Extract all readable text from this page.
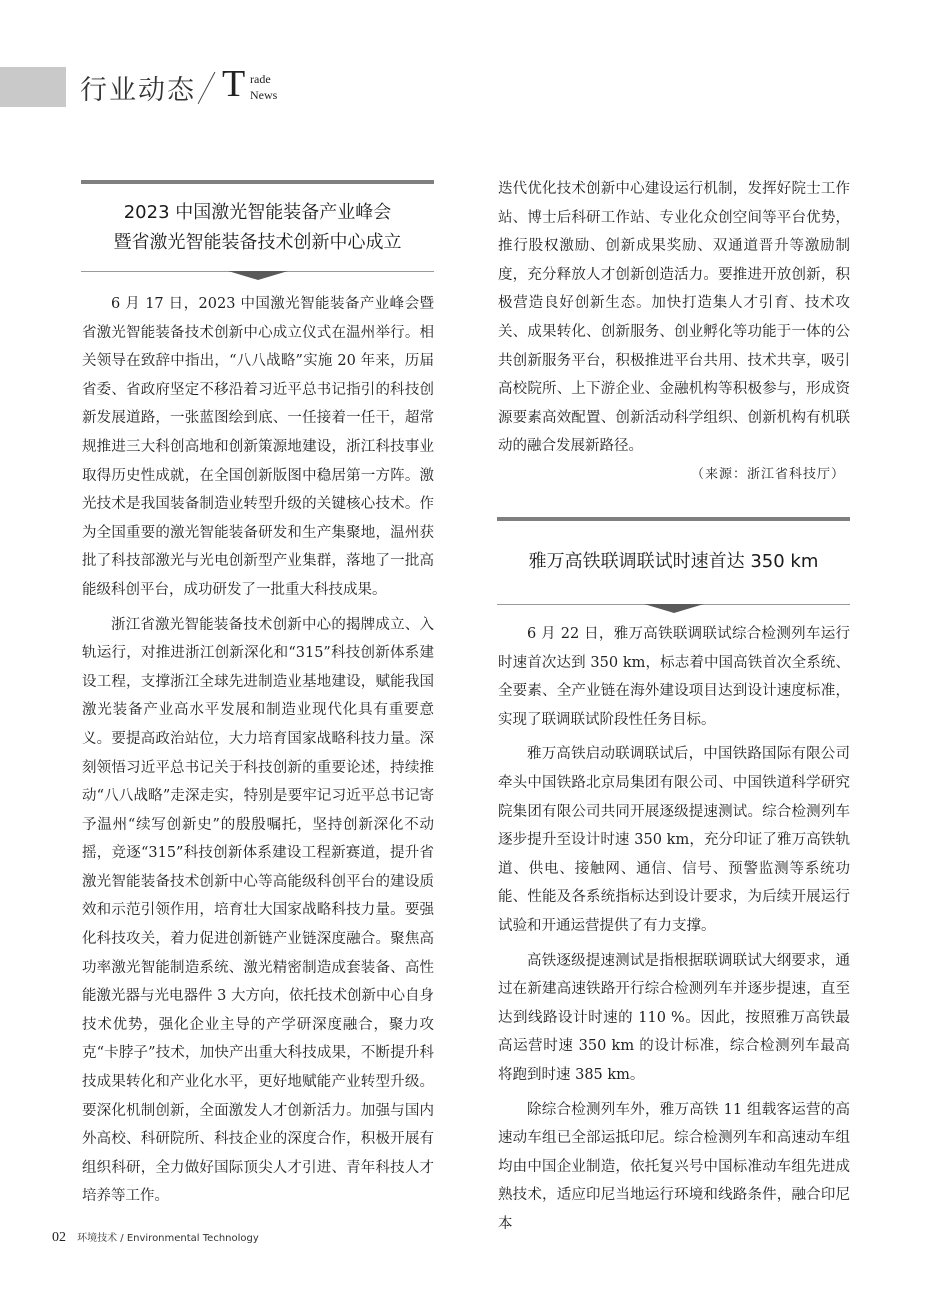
行业动态 T rade
News
2023 中国激光智能装备产业峰会
暨省激光智能装备技术创新中心成立

6 月 17 日，2023 中国激光智能装备产业峰会暨省激光智能装备技术创新中心成立仪式在温州举行。相关领导在致辞中指出，“八八战略”实施 20 年来，历届省委、省政府坚定不移沿着习近平总书记指引的科技创新发展道路，一张蓝图绘到底、一任接着一任干，超常规推进三大科创高地和创新策源地建设，浙江科技事业取得历史性成就，在全国创新版图中稳居第一方阵。激光技术是我国装备制造业转型升级的关键核心技术。作为全国重要的激光智能装备研发和生产集聚地，温州获批了科技部激光与光电创新型产业集群，落地了一批高能级科创平台，成功研发了一批重大科技成果。

浙江省激光智能装备技术创新中心的揭牌成立、入轨运行，对推进浙江创新深化和“315”科技创新体系建设工程，支撑浙江全球先进制造业基地建设，赋能我国激光装备产业高水平发展和制造业现代化具有重要意义。要提高政治站位，大力培育国家战略科技力量。深刻领悟习近平总书记关于科技创新的重要论述，持续推动“八八战略”走深走实，特别是要牢记习近平总书记寄予温州“续写创新史”的殷殷嘱托，坚持创新深化不动摇，竞逐“315”科技创新体系建设工程新赛道，提升省激光智能装备技术创新中心等高能级科创平台的建设质效和示范引领作用，培育壮大国家战略科技力量。要强化科技攻关，着力促进创新链产业链深度融合。聚焦高功率激光智能制造系统、激光精密制造成套装备、高性能激光器与光电器件 3 大方向，依托技术创新中心自身技术优势，强化企业主导的产学研深度融合，聚力攻克“卡脖子”技术，加快产出重大科技成果，不断提升科技成果转化和产业化水平，更好地赋能产业转型升级。要深化机制创新，全面激发人才创新活力。加强与国内外高校、科研院所、科技企业的深度合作，积极开展有组织科研，全力做好国际顶尖人才引进、青年科技人才培养等工作。

迭代优化技术创新中心建设运行机制，发挥好院士工作站、博士后科研工作站、专业化众创空间等平台优势，推行股权激励、创新成果奖励、双通道晋升等激励制度，充分释放人才创新创造活力。要推进开放创新，积极营造良好创新生态。加快打造集人才引育、技术攻关、成果转化、创新服务、创业孵化等功能于一体的公共创新服务平台，积极推进平台共用、技术共享，吸引高校院所、上下游企业、金融机构等积极参与，形成资源要素高效配置、创新活动科学组织、创新机构有机联动的融合发展新路径。

（来源：浙江省科技厅）
雅万高铁联调联试时速首达 350 km

6 月 22 日，雅万高铁联调联试综合检测列车运行时速首次达到 350 km，标志着中国高铁首次全系统、全要素、全产业链在海外建设项目达到设计速度标准，实现了联调联试阶段性任务目标。

雅万高铁启动联调联试后，中国铁路国际有限公司牵头中国铁路北京局集团有限公司、中国铁道科学研究院集团有限公司共同开展逐级提速测试。综合检测列车逐步提升至设计时速 350 km，充分印证了雅万高铁轨道、供电、接触网、通信、信号、预警监测等系统功能、性能及各系统指标达到设计要求，为后续开展运行试验和开通运营提供了有力支撑。

高铁逐级提速测试是指根据联调联试大纲要求，通过在新建高速铁路开行综合检测列车并逐步提速，直至达到线路设计时速的 110 %。因此，按照雅万高铁最高运营时速 350 km 的设计标准，综合检测列车最高将跑到时速 385 km。

除综合检测列车外，雅万高铁 11 组载客运营的高速动车组已全部运抵印尼。综合检测列车和高速动车组均由中国企业制造，依托复兴号中国标准动车组先进成熟技术，适应印尼当地运行环境和线路条件，融合印尼本

02 环境技术 / Environmental Technology
